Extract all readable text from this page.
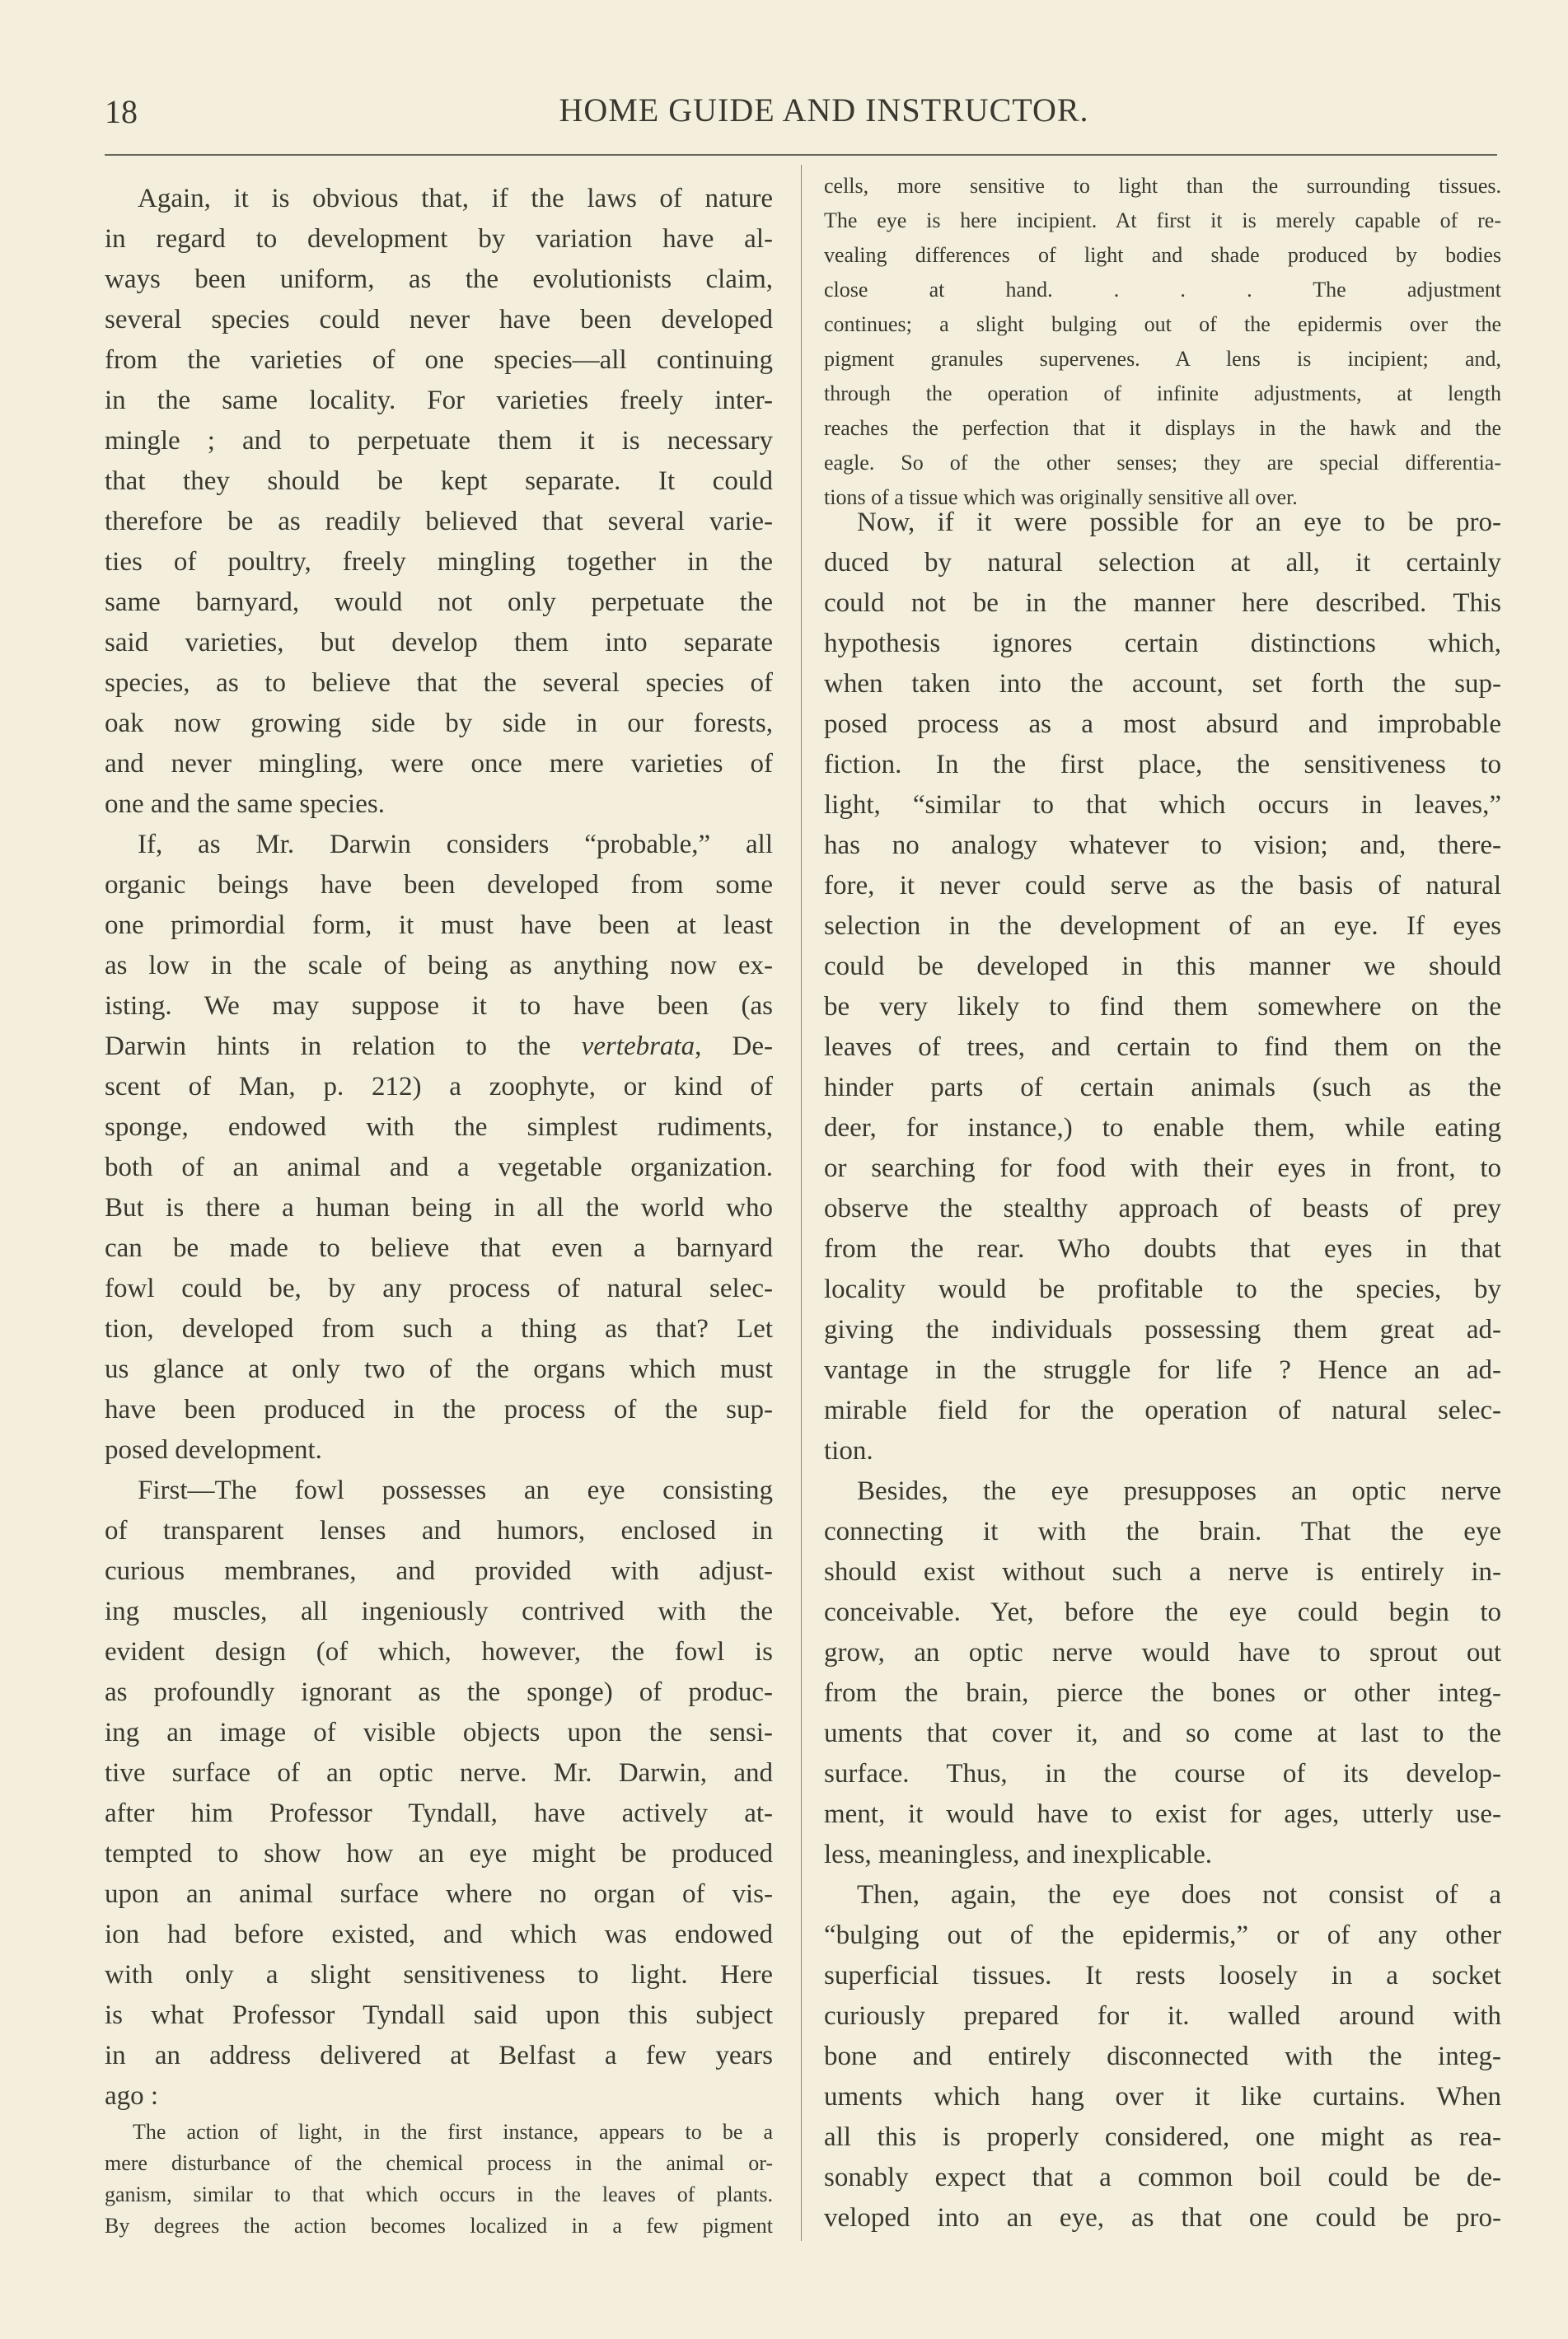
18	HOME GUIDE AND INSTRUCTOR.
Again, it is obvious that, if the laws of nature
in regard to development by variation have al-
ways been uniform, as the evolutionists claim,
several species could never have been developed
from the varieties of one species—all continuing
in the same locality. For varieties freely inter-
mingle ; and to perpetuate them it is necessary
that they should be kept separate. It could
therefore be as readily believed that several varie-
ties of poultry, freely mingling together in the
same barnyard, would not only perpetuate the
said varieties, but develop them into separate
species, as to believe that the several species of
oak now growing side by side in our forests,
and never mingling, were once mere varieties of
one and the same species.
If, as Mr. Darwin considers “probable,” all
organic beings have been developed from some
one primordial form, it must have been at least
as low in the scale of being as anything now ex-
isting. We may suppose it to have been (as
Darwin hints in relation to the vertebrata, De-
scent of Man, p. 212) a zoophyte, or kind of
sponge, endowed with the simplest rudiments,
both of an animal and a vegetable organization.
But is there a human being in all the world who
can be made to believe that even a barnyard
fowl could be, by any process of natural selec-
tion, developed from such a thing as that? Let
us glance at only two of the organs which must
have been produced in the process of the sup-
posed development.
First—The fowl possesses an eye consisting
of transparent lenses and humors, enclosed in
curious membranes, and provided with adjust-
ing muscles, all ingeniously contrived with the
evident design (of which, however, the fowl is
as profoundly ignorant as the sponge) of produc-
ing an image of visible objects upon the sensi-
tive surface of an optic nerve. Mr. Darwin, and
after him Professor Tyndall, have actively at-
tempted to show how an eye might be produced
upon an animal surface where no organ of vis-
ion had before existed, and which was endowed
with only a slight sensitiveness to light. Here
is what Professor Tyndall said upon this subject
in an address delivered at Belfast a few years
ago :
The action of light, in the first instance, appears to be a
mere disturbance of the chemical process in the animal or-
ganism, similar to that which occurs in the leaves of plants.
By degrees the action becomes localized in a few pigment
cells, more sensitive to light than the surrounding tissues.
The eye is here incipient. At first it is merely capable of re-
vealing differences of light and shade produced by bodies
close at hand. . . . The adjustment
continues; a slight bulging out of the epidermis over the
pigment granules supervenes. A lens is incipient; and,
through the operation of infinite adjustments, at length
reaches the perfection that it displays in the hawk and the
eagle. So of the other senses; they are special differentia-
tions of a tissue which was originally sensitive all over.
Now, if it were possible for an eye to be pro-
duced by natural selection at all, it certainly
could not be in the manner here described. This
hypothesis ignores certain distinctions which,
when taken into the account, set forth the sup-
posed process as a most absurd and improbable
fiction. In the first place, the sensitiveness to
light, “similar to that which occurs in leaves,”
has no analogy whatever to vision; and, there-
fore, it never could serve as the basis of natural
selection in the development of an eye. If eyes
could be developed in this manner we should
be very likely to find them somewhere on the
leaves of trees, and certain to find them on the
hinder parts of certain animals (such as the
deer, for instance,) to enable them, while eating
or searching for food with their eyes in front, to
observe the stealthy approach of beasts of prey
from the rear. Who doubts that eyes in that
locality would be profitable to the species, by
giving the individuals possessing them great ad-
vantage in the struggle for life ? Hence an ad-
mirable field for the operation of natural selec-
tion.
Besides, the eye presupposes an optic nerve
connecting it with the brain. That the eye
should exist without such a nerve is entirely in-
conceivable. Yet, before the eye could begin to
grow, an optic nerve would have to sprout out
from the brain, pierce the bones or other integ-
uments that cover it, and so come at last to the
surface. Thus, in the course of its develop-
ment, it would have to exist for ages, utterly use-
less, meaningless, and inexplicable.
Then, again, the eye does not consist of a
“bulging out of the epidermis,” or of any other
superficial tissues. It rests loosely in a socket
curiously prepared for it. walled around with
bone and entirely disconnected with the integ-
uments which hang over it like curtains. When
all this is properly considered, one might as rea-
sonably expect that a common boil could be de-
veloped into an eye, as that one could be pro-
